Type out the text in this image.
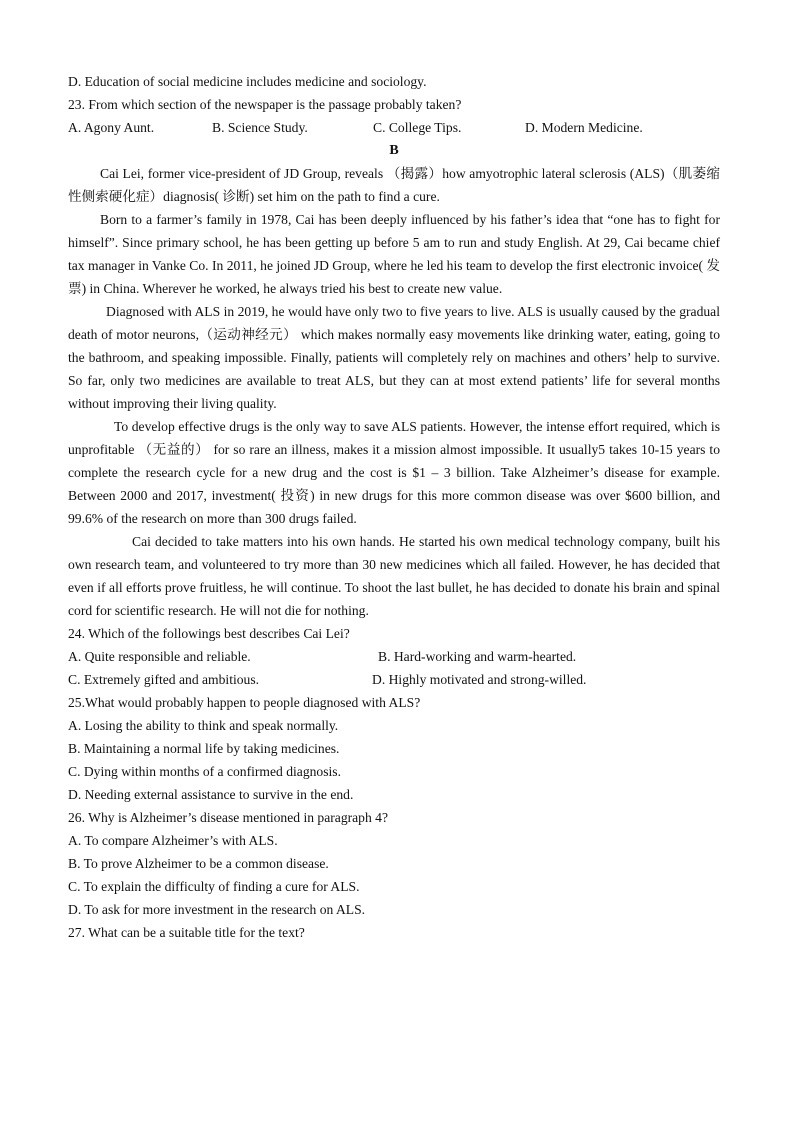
D. Education of social medicine includes medicine and sociology.
23. From which section of the newspaper is the passage probably taken?
A. Agony Aunt.	B. Science Study.	C. College Tips.	D. Modern Medicine.
B

Cai Lei, former vice-president of JD Group, reveals （揭露）how amyotrophic lateral sclerosis (ALS)（肌萎缩性侧索硬化症）diagnosis( 诊断) set him on the path to find a cure.

Born to a farmer’s family in 1978, Cai has been deeply influenced by his father’s idea that “one has to fight for himself”. Since primary school, he has been getting up before 5 am to run and study English. At 29, Cai became chief tax manager in Vanke Co. In 2011, he joined JD Group, where he led his team to develop the first electronic invoice( 发票) in China. Wherever he worked, he always tried his best to create new value.

Diagnosed with ALS in 2019, he would have only two to five years to live. ALS is usually caused by the gradual death of motor neurons,（运动神经元） which makes normally easy movements like drinking water, eating, going to the bathroom, and speaking impossible. Finally, patients will completely rely on machines and others’ help to survive. So far, only two medicines are available to treat ALS, but they can at most extend patients’ life for several months without improving their living quality.

To develop effective drugs is the only way to save ALS patients. However, the intense effort required, which is unprofitable （无益的） for so rare an illness, makes it a mission almost impossible. It usually5 takes 10-15 years to complete the research cycle for a new drug and the cost is $1 – 3 billion. Take Alzheimer’s disease for example. Between 2000 and 2017, investment( 投资) in new drugs for this more common disease was over $600 billion, and 99.6% of the research on more than 300 drugs failed.

Cai decided to take matters into his own hands. He started his own medical technology company, built his own research team, and volunteered to try more than 30 new medicines which all failed. However, he has decided that even if all efforts prove fruitless, he will continue. To shoot the last bullet, he has decided to donate his brain and spinal cord for scientific research. He will not die for nothing.

24. Which of the followings best describes Cai Lei?
A. Quite responsible and reliable.	B. Hard-working and warm-hearted.
C. Extremely gifted and ambitious.	D. Highly motivated and strong-willed.
25.What would probably happen to people diagnosed with ALS?
A. Losing the ability to think and speak normally.
B. Maintaining a normal life by taking medicines.
C. Dying within months of a confirmed diagnosis.
D. Needing external assistance to survive in the end.
26. Why is Alzheimer’s disease mentioned in paragraph 4?
A. To compare Alzheimer’s with ALS.
B. To prove Alzheimer to be a common disease.
C. To explain the difficulty of finding a cure for ALS.
D. To ask for more investment in the research on ALS.
27. What can be a suitable title for the text?
